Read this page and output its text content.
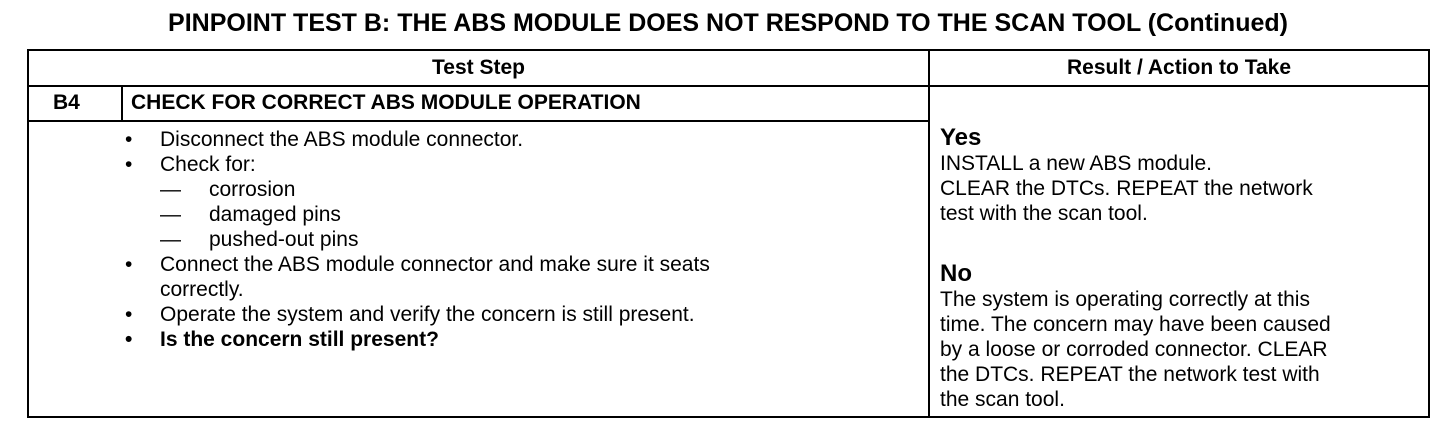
PINPOINT TEST B: THE ABS MODULE DOES NOT RESPOND TO THE SCAN TOOL (Continued)
Test Step	Result / Action to Take
B4 CHECK FOR CORRECT ABS MODULE OPERATION
• Disconnect the ABS module connector.
• Check for:
— corrosion
— damaged pins
— pushed-out pins
• Connect the ABS module connector and make sure it seats
correctly.
• Operate the system and verify the concern is still present.
• Is the concern still present?
Yes
INSTALL a new ABS module.
CLEAR the DTCs. REPEAT the network
test with the scan tool.
No
The system is operating correctly at this
time. The concern may have been caused
by a loose or corroded connector. CLEAR
the DTCs. REPEAT the network test with
the scan tool.
